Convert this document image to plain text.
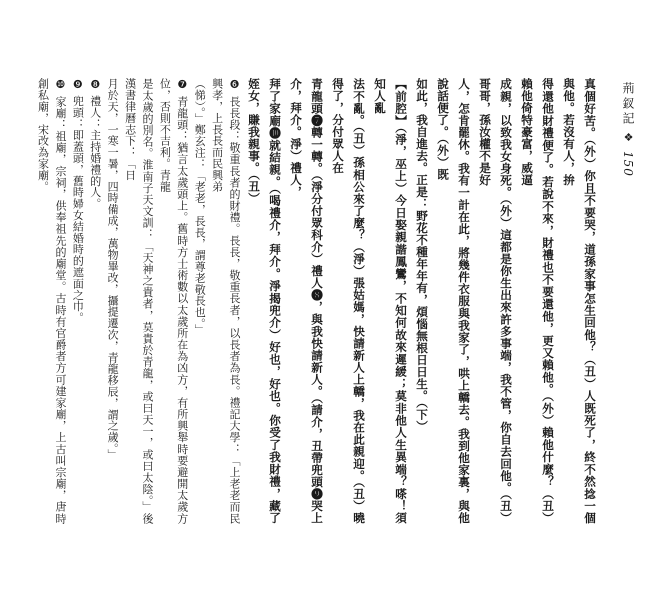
荊釵記❖150

真個好苦。（外）你且不要哭，道孫家事怎生回他？（丑）人既死了，終不然捻一個與他。若沒有人，拚

得還他財禮便了。若說不來，財禮也不要還他，更又賴他。（外）賴他什麼？（丑）賴他倚特豪富，威逼

成親，以致我女身死。（外）這都是你生出來許多事端，我不管，你自去回他。（丑）哥哥，孫汝權不是好

人，怎肯罷休。我有一計在此，將幾件衣服與我家了，哄上轎去。我到他家裏，與他說話便了。（外）既

如此，我自進去。正是：野花不種年年有，煩惱無根日日生。（下）

【前腔】（淨，巫上）今日娶親諧鳳鸞，不知何故來遲緩；莫非他人生異端？嗏！須知人亂

法不亂。（丑）孫相公來了麼？（淨）張姑媽，快請新人上轎，我在此親迎。（丑）曉得了，分付眾人在

青龍頭❼轉一轉。（淨分付眾科介）禮人❽，與我快請新人。（請介，丑帶兜頭❾哭上介，拜介。淨）禮人，

拜了家廟❿就結親。（喝禮介，拜介。淨揭兜介）好也，好也。你受了我財禮，藏了姪女，賺我親事。（丑）

❻ 長長段：敬重長者的財禮。長長，敬重長者，以長者為長。禮記大學：「上老老而民興孝，上長長而民興弟

（悌）。」鄭玄注：「老老，長長，謂尊老敬長也。」

❼ 青龍頭：猶言太歲頭上。舊時方士術數以太歲所在為凶方，有所興舉時要避開太歲方位，否則不吉利。青龍

是太歲的別名。淮南子天文訓：「天神之貴者，莫貴於青龍，或曰天一，或曰太陰。」後漢書律曆志下：「日

月於天，一寒一暑，四時備成，萬物畢改，攝提遷次，青龍移辰，謂之歲。」

❽ 禮人：主持婚禮的人。

❾ 兜頭：即蓋頭，舊時婦女結婚時的遮面之巾。

❿ 家廟：祖廟，宗祠，供奉祖先的廟堂。古時有官爵者方可建家廟，上古叫宗廟，唐時創私廟，宋改為家廟。
